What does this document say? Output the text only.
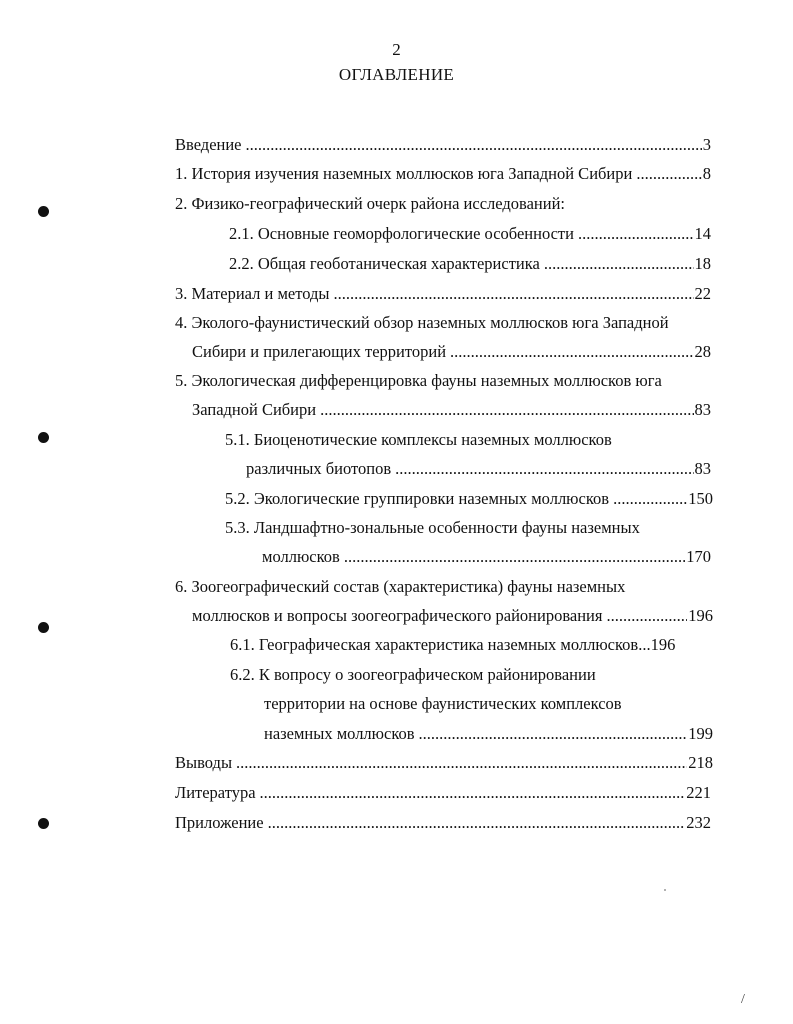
2
ОГЛАВЛЕНИЕ
Введение .....	3
1. История изучения наземных моллюсков юга Западной Сибири .....	8
2. Физико-географический очерк района исследований:
2.1. Основные геоморфологические особенности .....	14
2.2. Общая геоботаническая характеристика .....	18
3. Материал и методы .....	22
4. Эколого-фаунистический обзор наземных моллюсков юга Западной
Сибири и прилегающих территорий .....	28
5. Экологическая дифференцировка фауны наземных моллюсков юга
Западной Сибири .....	83
5.1. Биоценотические комплексы наземных моллюсков
различных биотопов .....	83
5.2. Экологические группировки наземных моллюсков .....	150
5.3. Ландшафтно-зональные особенности фауны наземных
моллюсков .....	170
6. Зоогеографический состав (характеристика) фауны наземных
моллюсков и вопросы зоогеографического районирования .....	196
6.1. Географическая характеристика наземных моллюсков... 196
6.2. К вопросу о зоогеографическом районировании
территории на основе фаунистических комплексов
наземных моллюсков .....	199
Выводы .....	218
Литература .....	221
Приложение .....	232
/
